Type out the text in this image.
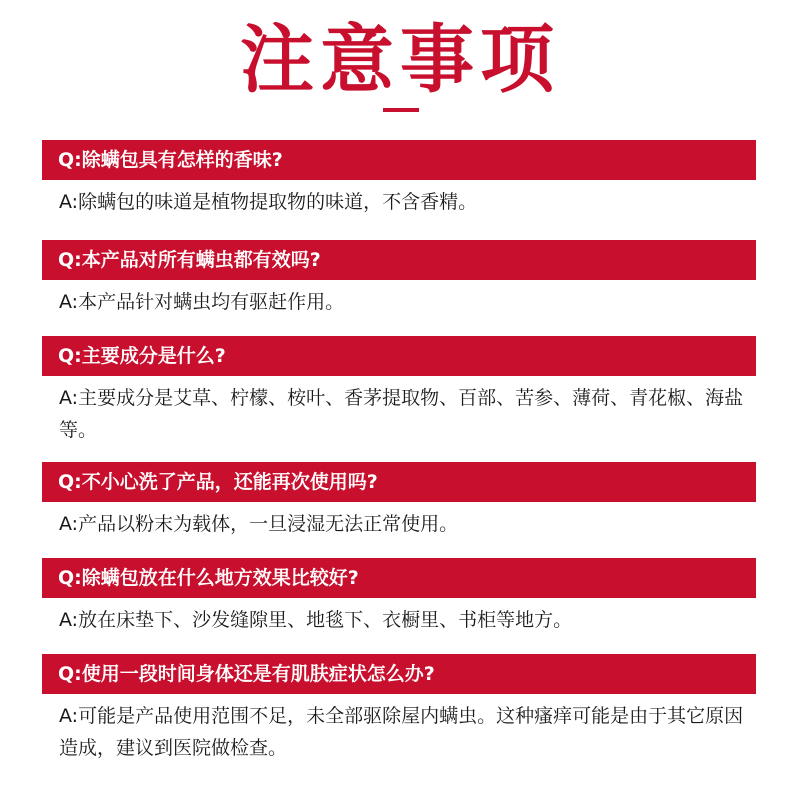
注意事项
Q:除螨包具有怎样的香味?
A:除螨包的味道是植物提取物的味道，不含香精。
Q:本产品对所有螨虫都有效吗?
A:本产品针对螨虫均有驱赶作用。
Q:主要成分是什么?
A:主要成分是艾草、柠檬、桉叶、香茅提取物、百部、苦参、薄荷、青花椒、海盐等。
Q:不小心洗了产品，还能再次使用吗?
A:产品以粉末为载体，一旦浸湿无法正常使用。
Q:除螨包放在什么地方效果比较好?
A:放在床垫下、沙发缝隙里、地毯下、衣橱里、书柜等地方。
Q:使用一段时间身体还是有肌肤症状怎么办?
A:可能是产品使用范围不足，未全部驱除屋内螨虫。这种瘙痒可能是由于其它原因造成，建议到医院做检查。
